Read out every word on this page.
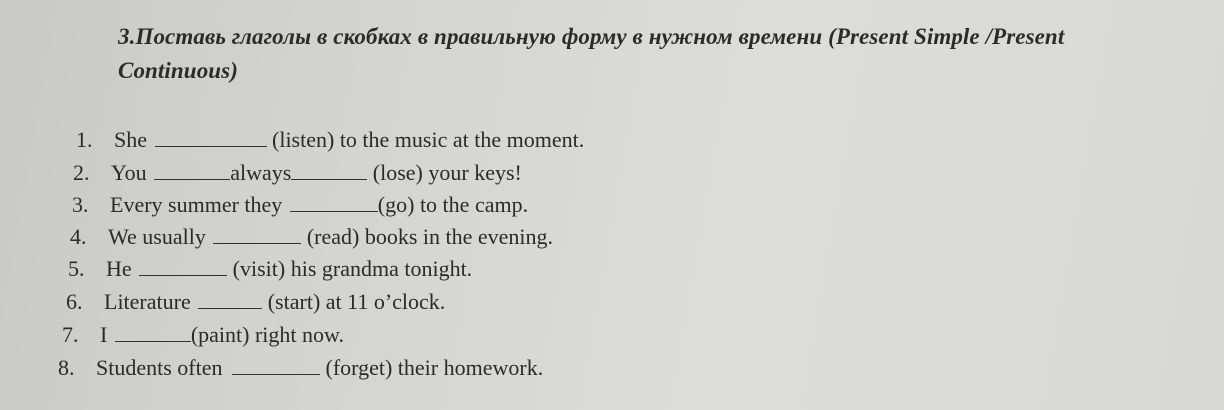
3.Поставь глаголы в скобках в правильную форму в нужном времени (Present Simple /Present
Continuous)
1. She	(listen) to the music at the moment.
2. You	always	(lose) your keys!
3. Every summer they	(go) to the camp.
4. We usually	(read) books in the evening.
5. He	(visit) his grandma tonight.
6. Literature	(start) at 11 o’clock.
7. I	(paint) right now.
8. Students often	(forget) their homework.
